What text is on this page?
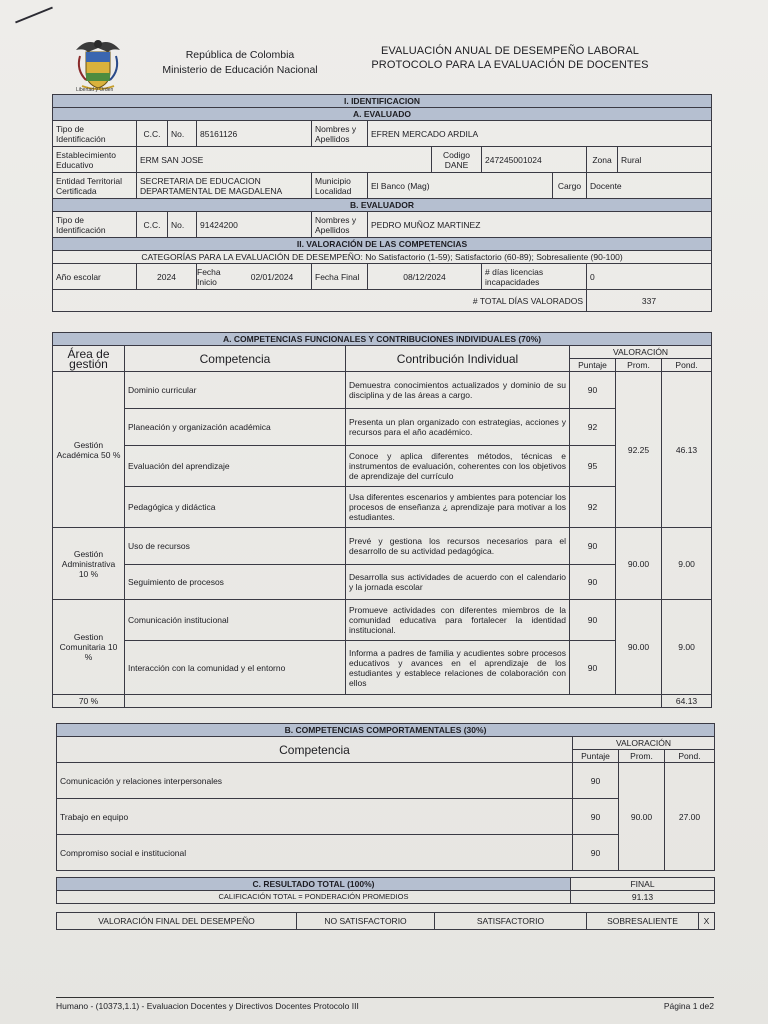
Libertad y Orden
República de Colombia
Ministerio de Educación Nacional
EVALUACIÓN ANUAL DE DESEMPEÑO LABORAL
PROTOCOLO PARA LA EVALUACIÓN DE DOCENTES
I. IDENTIFICACION										
A. EVALUADO										
Tipo de Identificación	C.C.	No.	85161126	Nombres y Apellidos	EFREN MERCADO ARDILA					
Establecimiento Educativo	ERM SAN JOSE					Codigo DANE	247245001024		Zona	Rural
Entidad Territorial Certificada	SECRETARIA DE EDUCACION DEPARTAMENTAL DE MAGDALENA			Municipio Localidad	El Banco (Mag)			Cargo	Docente	
B. EVALUADOR										
Tipo de Identificación	C.C.	No.	91424200	Nombres y Apellidos	PEDRO MUÑOZ MARTINEZ					
II. VALORACIÓN DE LAS COMPETENCIAS										
CATEGORÍAS PARA LA EVALUACIÓN DE DESEMPEÑO: No Satisfactorio (1-59); Satisfactorio (60-89); Sobresaliente (90-100)										
Año escolar	2024		Fecha Inicio 02/01/2024	Fecha Final	08/12/2024		# días licencias incapacidades		0	
# TOTAL DÍAS VALORADOS									337	
A. COMPETENCIAS FUNCIONALES Y CONTRIBUCIONES INDIVIDUALES (70%)					
Área de gestión	Competencia	Contribución Individual	VALORACIÓN		
			Puntaje	Prom.	Pond.
Gestión Académica 50 %	Dominio curricular	Demuestra conocimientos actualizados y dominio de su disciplina y de las áreas a cargo.	90	92.25	46.13
	Planeación y organización académica	Presenta un plan organizado con estrategias, acciones y recursos para el año académico.	92		
	Evaluación del aprendizaje	Conoce y aplica diferentes métodos, técnicas e instrumentos de evaluación, coherentes con los objetivos de aprendizaje del currículo	95		
	Pedagógica y didáctica	Usa diferentes escenarios y ambientes para potenciar los procesos de enseñanza ¿ aprendizaje para motivar a los estudiantes.	92		
Gestión Administrativa 10 %	Uso de recursos	Prevé y gestiona los recursos necesarios para el desarrollo de su actividad pedagógica.	90	90.00	9.00
	Seguimiento de procesos	Desarrolla sus actividades de acuerdo con el calendario y la jornada escolar	90		
Gestion Comunitaria 10 %	Comunicación institucional	Promueve actividades con diferentes miembros de la comunidad educativa para fortalecer la identidad institucional.	90	90.00	9.00
	Interacción con la comunidad y el entorno	Informa a padres de familia y acudientes sobre procesos educativos y avances en el aprendizaje de los estudiantes y establece relaciones de colaboración con ellos	90		
70 %					64.13
B. COMPETENCIAS COMPORTAMENTALES (30%)			
Competencia	VALORACIÓN		
	Puntaje	Prom.	Pond.
Comunicación y relaciones interpersonales	90	90.00	27.00
Trabajo en equipo	90		
Compromiso social e institucional	90		
C. RESULTADO TOTAL (100%)	FINAL
CALIFICACIÓN TOTAL = PONDERACIÓN PROMEDIOS	91.13
VALORACIÓN FINAL DEL DESEMPEÑO	NO SATISFACTORIO	SATISFACTORIO	SOBRESALIENTE	X
Humano - (10373,1.1) - Evaluacion Docentes y Directivos Docentes Protocolo III	Página 1 de2
